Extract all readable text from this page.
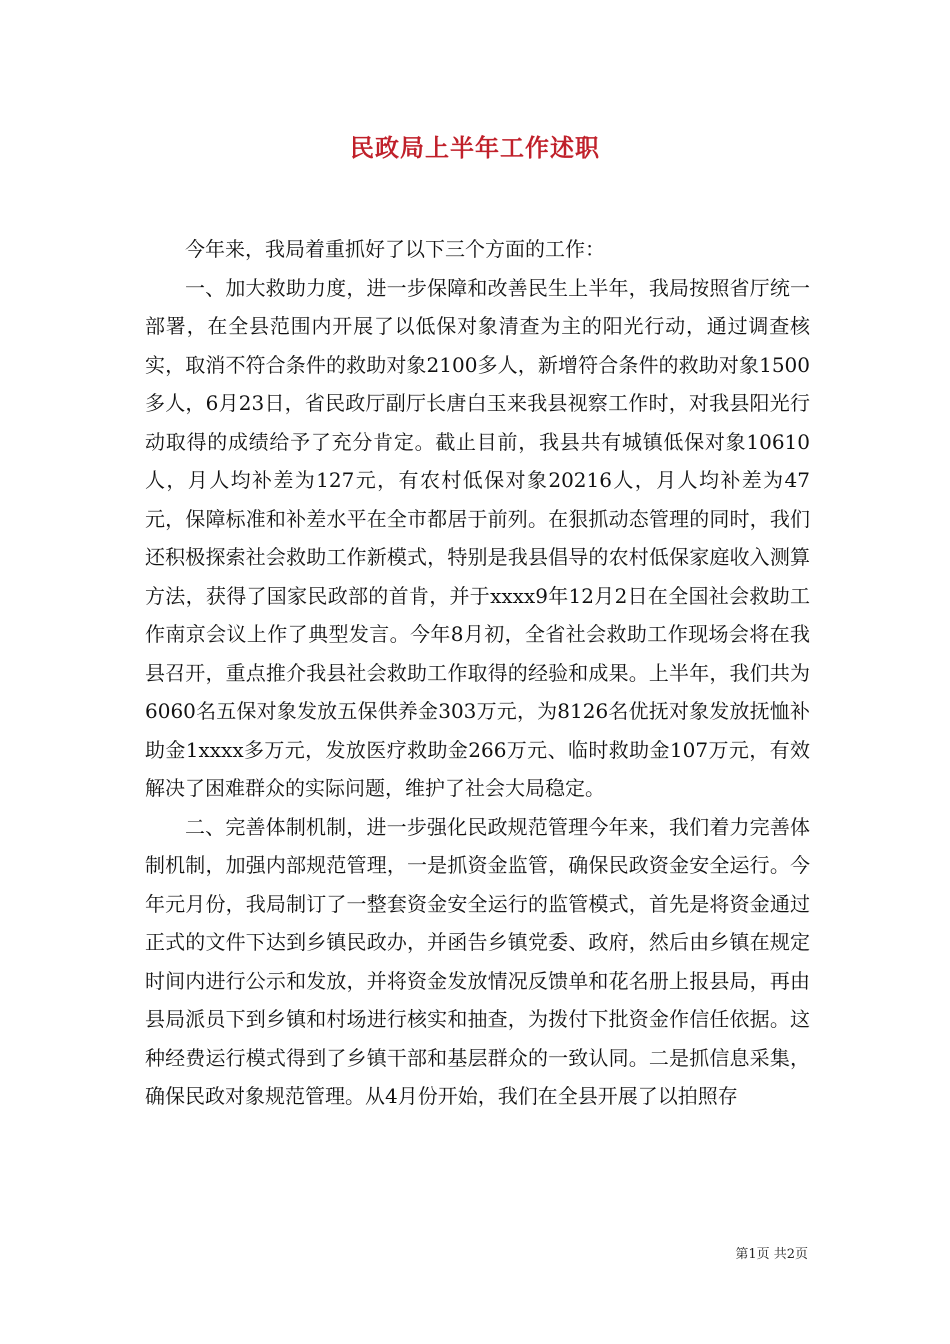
民政局上半年工作述职

今年来，我局着重抓好了以下三个方面的工作：

一、加大救助力度，进一步保障和改善民生上半年，我局按照省厅统一部署，在全县范围内开展了以低保对象清查为主的阳光行动，通过调查核实，取消不符合条件的救助对象2100多人，新增符合条件的救助对象1500多人，6月23日，省民政厅副厅长唐白玉来我县视察工作时，对我县阳光行动取得的成绩给予了充分肯定。截止目前，我县共有城镇低保对象10610人，月人均补差为127元，有农村低保对象20216人，月人均补差为47元，保障标准和补差水平在全市都居于前列。在狠抓动态管理的同时，我们还积极探索社会救助工作新模式，特别是我县倡导的农村低保家庭收入测算方法，获得了国家民政部的首肯，并于xxxx9年12月2日在全国社会救助工作南京会议上作了典型发言。今年8月初，全省社会救助工作现场会将在我县召开，重点推介我县社会救助工作取得的经验和成果。上半年，我们共为6060名五保对象发放五保供养金303万元，为8126名优抚对象发放抚恤补助金1xxxx多万元，发放医疗救助金266万元、临时救助金107万元，有效解决了困难群众的实际问题，维护了社会大局稳定。

二、完善体制机制，进一步强化民政规范管理今年来，我们着力完善体制机制，加强内部规范管理，一是抓资金监管，确保民政资金安全运行。今年元月份，我局制订了一整套资金安全运行的监管模式，首先是将资金通过正式的文件下达到乡镇民政办，并函告乡镇党委、政府，然后由乡镇在规定时间内进行公示和发放，并将资金发放情况反馈单和花名册上报县局，再由县局派员下到乡镇和村场进行核实和抽查，为拨付下批资金作信任依据。这种经费运行模式得到了乡镇干部和基层群众的一致认同。二是抓信息采集，确保民政对象规范管理。从4月份开始，我们在全县开展了以拍照存

第1页 共2页
